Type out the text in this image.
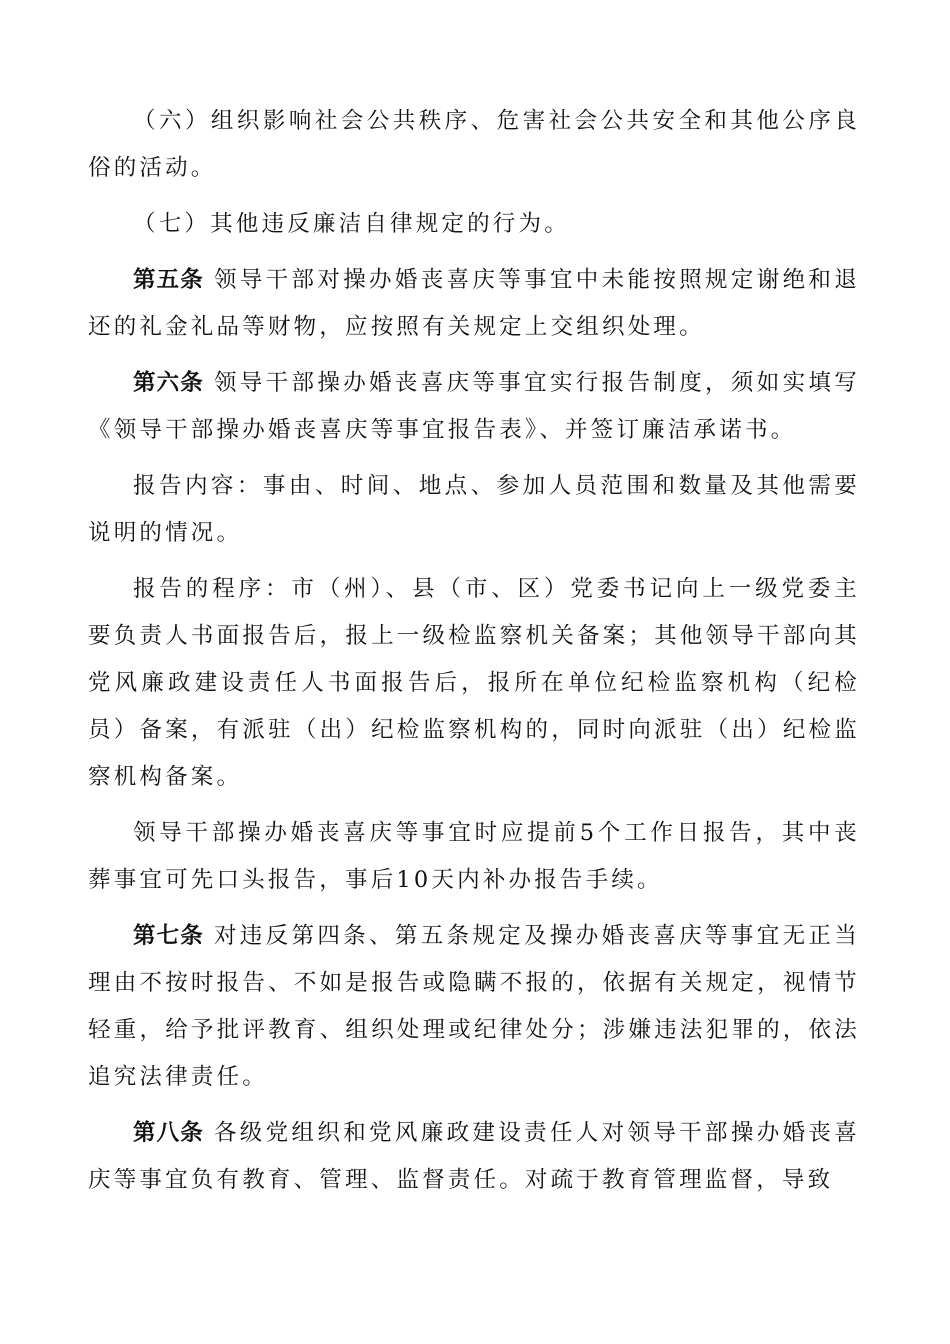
（六）组织影响社会公共秩序、危害社会公共安全和其他公序良俗的活动。

（七）其他违反廉洁自律规定的行为。

第五条 领导干部对操办婚丧喜庆等事宜中未能按照规定谢绝和退还的礼金礼品等财物，应按照有关规定上交组织处理。

第六条 领导干部操办婚丧喜庆等事宜实行报告制度，须如实填写《领导干部操办婚丧喜庆等事宜报告表》、并签订廉洁承诺书。

报告内容：事由、时间、地点、参加人员范围和数量及其他需要说明的情况。

报告的程序：市（州）、县（市、区）党委书记向上一级党委主要负责人书面报告后，报上一级检监察机关备案；其他领导干部向其党风廉政建设责任人书面报告后，报所在单位纪检监察机构（纪检员）备案，有派驻（出）纪检监察机构的，同时向派驻（出）纪检监察机构备案。

领导干部操办婚丧喜庆等事宜时应提前5个工作日报告，其中丧葬事宜可先口头报告，事后10天内补办报告手续。

第七条 对违反第四条、第五条规定及操办婚丧喜庆等事宜无正当理由不按时报告、不如是报告或隐瞒不报的，依据有关规定，视情节轻重，给予批评教育、组织处理或纪律处分；涉嫌违法犯罪的，依法追究法律责任。

第八条 各级党组织和党风廉政建设责任人对领导干部操办婚丧喜庆等事宜负有教育、管理、监督责任。对疏于教育管理监督，导致
